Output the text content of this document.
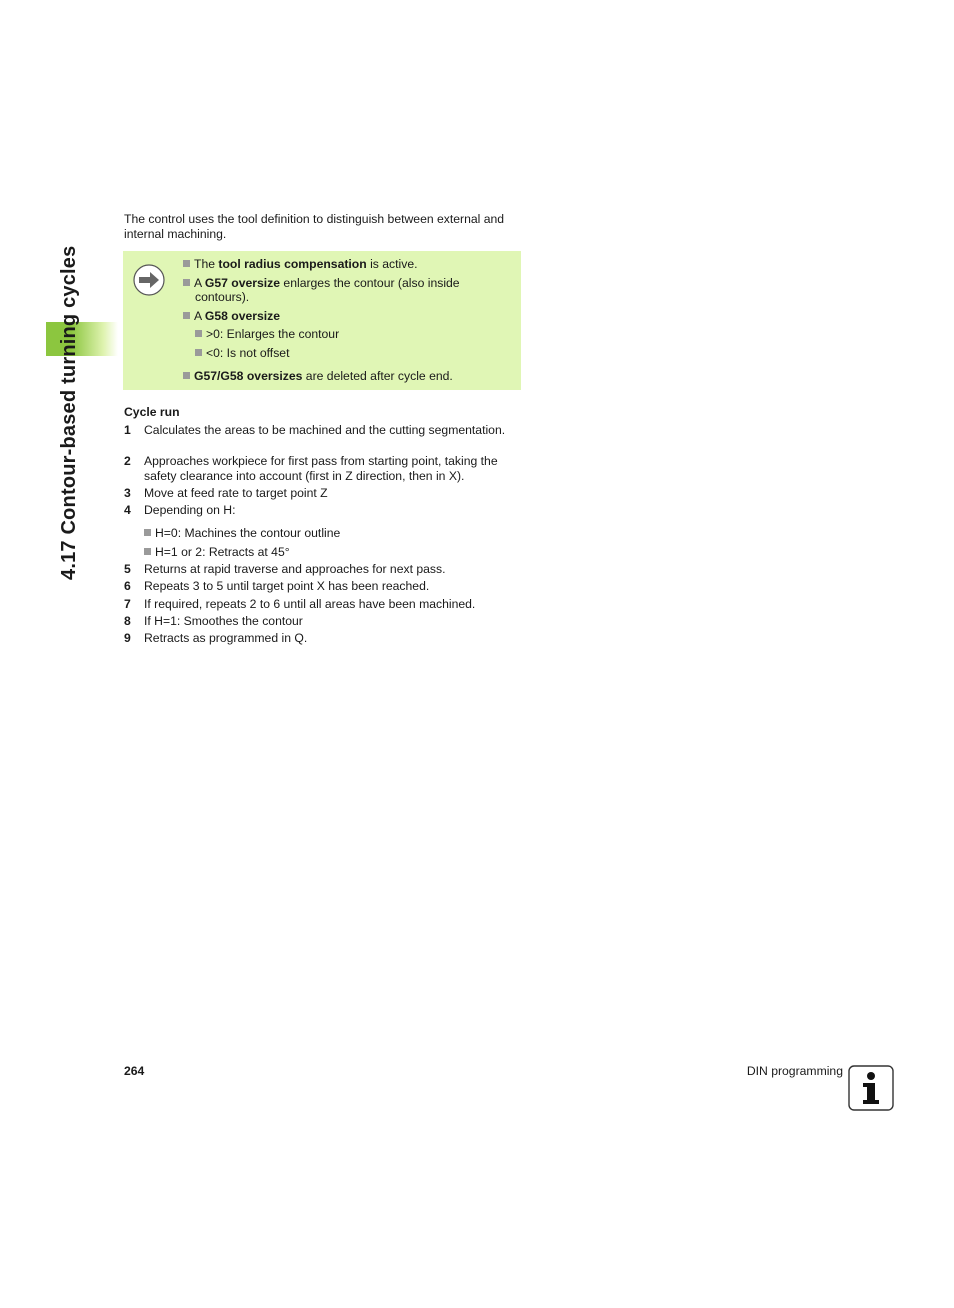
4.17 Contour-based turning cycles
The control uses the tool definition to distinguish between external and internal machining.
The tool radius compensation is active.
A G57 oversize enlarges the contour (also inside
contours).
A G58 oversize
>0: Enlarges the contour
<0: Is not offset
G57/G58 oversizes are deleted after cycle end.
Cycle run
1 Calculates the areas to be machined and the cutting segmentation.
2 Approaches workpiece for first pass from starting point, taking the safety clearance into account (first in Z direction, then in X).
3 Move at feed rate to target point Z
4 Depending on H:
H=0: Machines the contour outline
H=1 or 2: Retracts at 45°
5 Returns at rapid traverse and approaches for next pass.
6 Repeats 3 to 5 until target point X has been reached.
7 If required, repeats 2 to 6 until all areas have been machined.
8 If H=1: Smoothes the contour
9 Retracts as programmed in Q.
264	DIN programming
